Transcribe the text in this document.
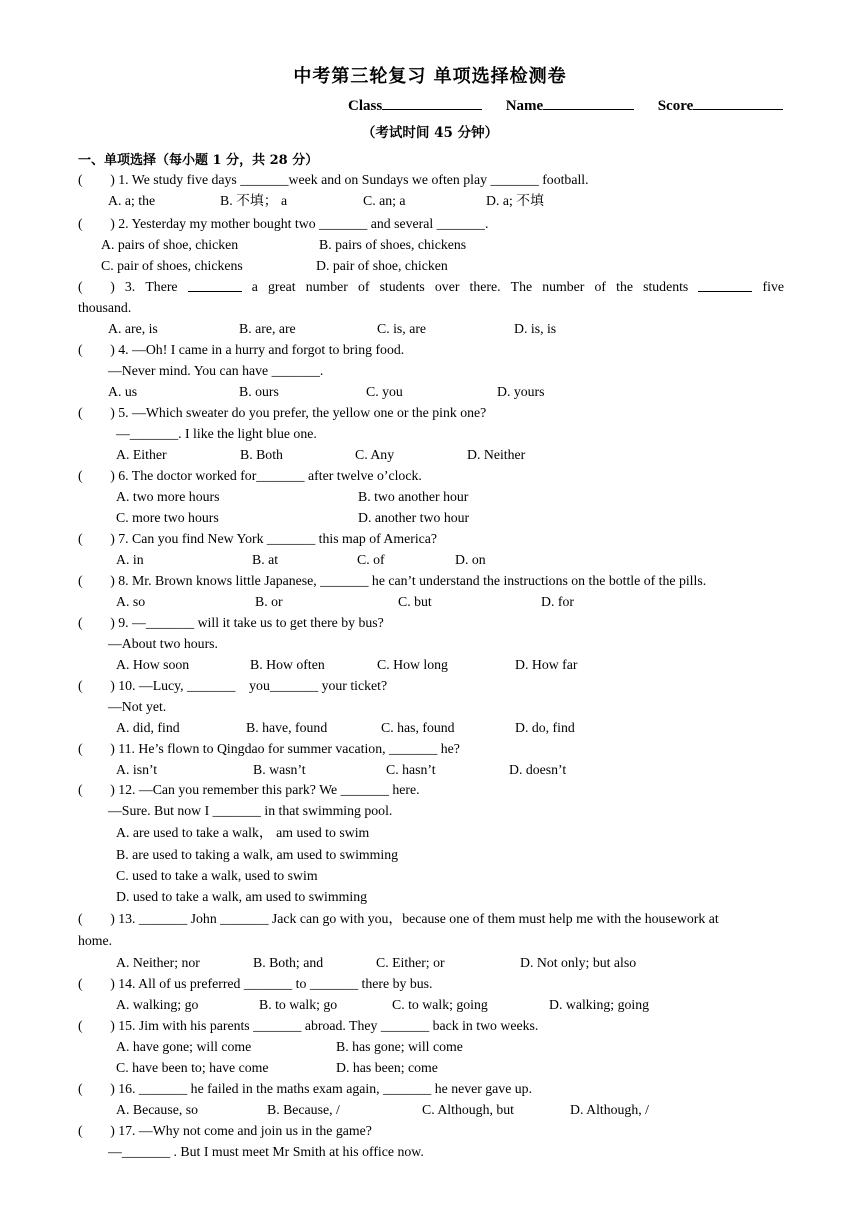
中考第三轮复习 单项选择检测卷
Class	Name	Score
（考试时间 45 分钟）
一、单项选择（每小题 1 分，共 28 分）
(　　) 1. We study five days _______week and on Sundays we often play _______ football.
A. a; the	B. 不填； a	C. an; a	D. a; 不填
(　　) 2. Yesterday my mother bought two _______ and several _______.
A. pairs of shoe, chicken	B. pairs of shoes, chickens
C. pair of shoes, chickens	D. pair of shoe, chicken
(　　) 3. There	a great number of students over there. The number of the students	five
thousand.
A. are, is	B. are, are	C. is, are	D. is, is
(　　) 4. —Oh! I came in a hurry and forgot to bring food.
—Never mind. You can have _______.
A. us	B. ours	C. you	D. yours
(　　) 5. —Which sweater do you prefer, the yellow one or the pink one?
—_______. I like the light blue one.
A. Either	B. Both	C. Any	D. Neither
(　　) 6. The doctor worked for_______ after twelve o’clock.
A. two more hours	B. two another hour
C. more two hours	D. another two hour
(　　) 7. Can you find New York _______ this map of America?
A. in	B. at	C. of	D. on
(　　) 8. Mr. Brown knows little Japanese, _______ he can’t understand the instructions on the bottle of the pills.
A. so	B. or	C. but	D. for
(　　) 9. —_______ will it take us to get there by bus?
—About two hours.
A. How soon	B. How often	C. How long	D. How far
(　　) 10. —Lucy, _______　you_______ your ticket?
—Not yet.
A. did, find	B. have, found	C. has, found	D. do, find
(　　) 11. He’s flown to Qingdao for summer vacation, _______ he?
A. isn’t	B. wasn’t	C. hasn’t	D. doesn’t
(　　) 12. —Can you remember this park? We _______ here.
—Sure. But now I _______ in that swimming pool.
A. are used to take a walk， am used to swim
B. are used to taking a walk, am used to swimming
C. used to take a walk, used to swim
D. used to take a walk, am used to swimming
(　　) 13. _______ John _______ Jack can go with you，because one of them must help me with the housework at
home.
A. Neither; nor	B. Both; and	C. Either; or	D. Not only; but also
(　　) 14. All of us preferred _______ to _______ there by bus.
A. walking; go	B. to walk; go	C. to walk; going	D. walking; going
(　　) 15. Jim with his parents _______ abroad. They _______ back in two weeks.
A. have gone; will come	B. has gone; will come
C. have been to; have come	D. has been; come
(　　) 16. _______ he failed in the maths exam again, _______ he never gave up.
A. Because, so	B. Because, /	C. Although, but	D. Although, /
(　　) 17. —Why not come and join us in the game?
—_______ . But I must meet Mr Smith at his office now.
